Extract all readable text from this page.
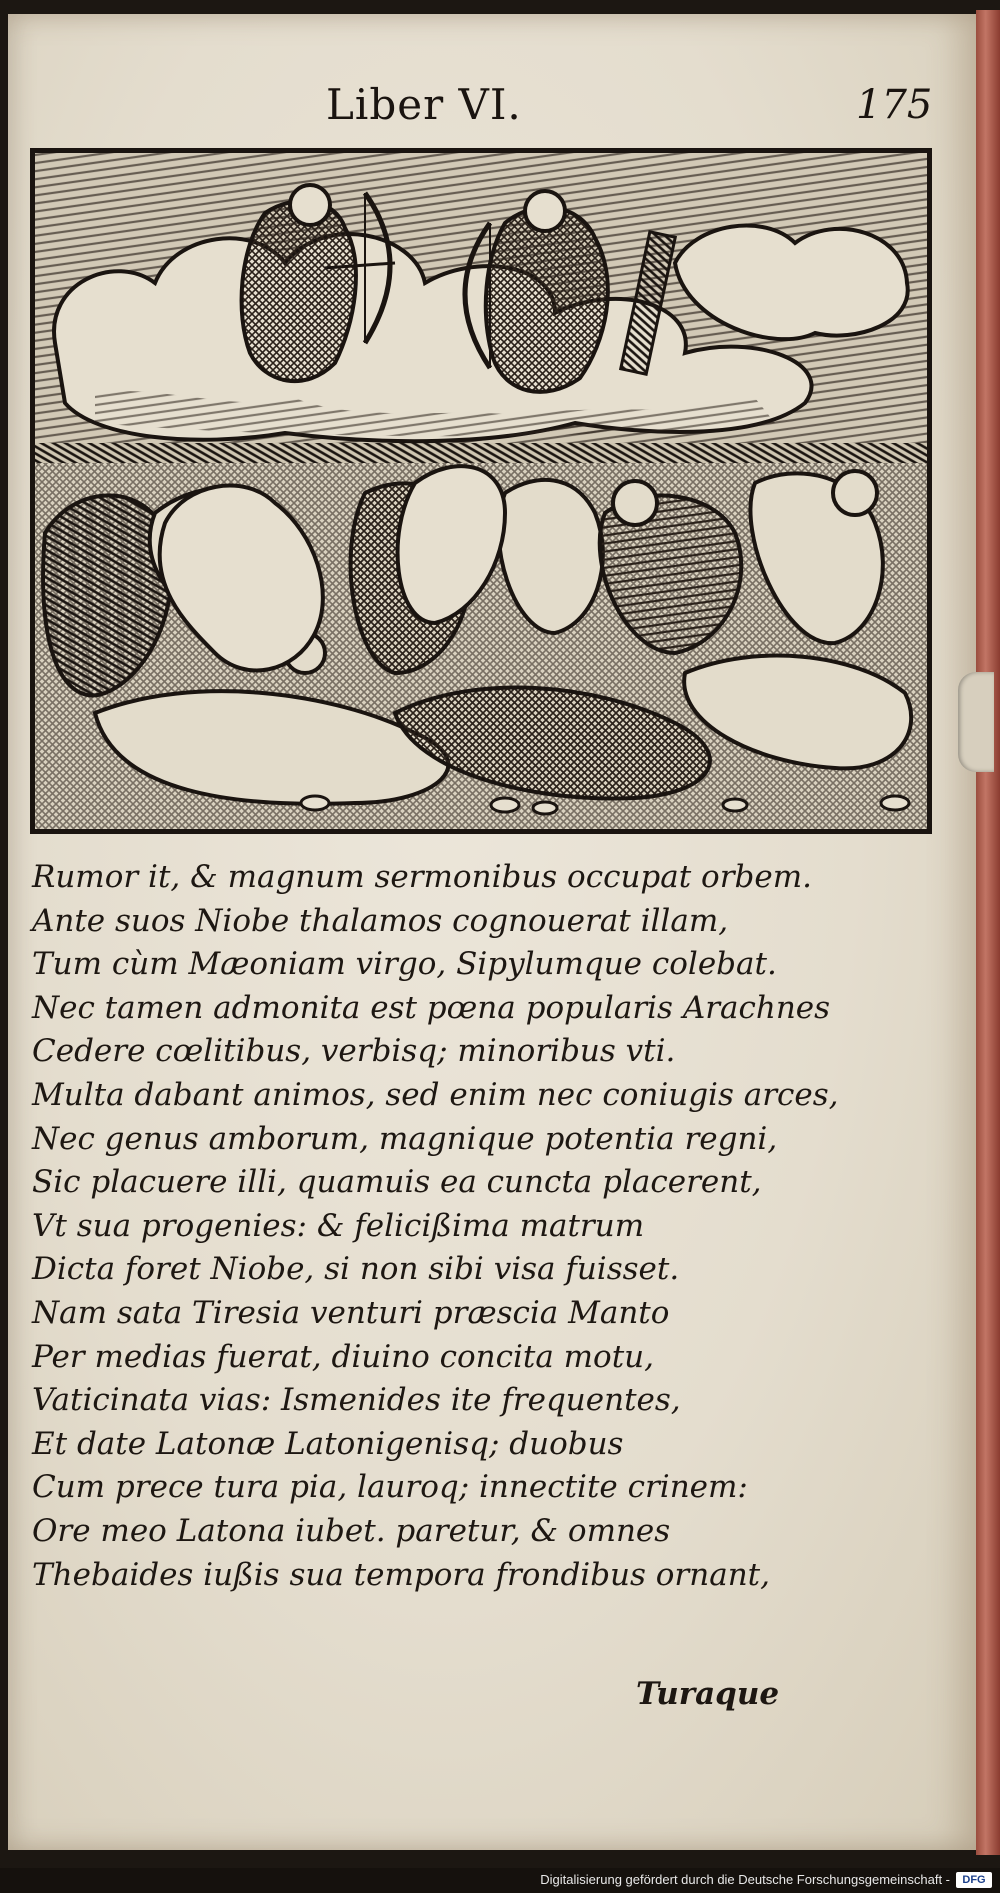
Liber VI.	175
Rumor it, & magnum sermonibus occupat orbem.
Ante suos Niobe thalamos cognouerat illam,
Tum cùm Mæoniam virgo, Sipylumque colebat.
Nec tamen admonita est pœna popularis Arachnes
Cedere cœlitibus, verbisq; minoribus vti.
Multa dabant animos, sed enim nec coniugis arces,
Nec genus amborum, magnique potentia regni,
Sic placuere illi, quamuis ea cuncta placerent,
Vt sua progenies: & felicißima matrum
Dicta foret Niobe, si non sibi visa fuisset.
Nam sata Tiresia venturi præscia Manto
Per medias fuerat, diuino concita motu,
Vaticinata vias: Ismenides ite frequentes,
Et date Latonæ Latonigenisq; duobus
Cum prece tura pia, lauroq; innectite crinem:
Ore meo Latona iubet. paretur, & omnes
Thebaides iußis sua tempora frondibus ornant,
Turaque
Digitalisierung gefördert durch die Deutsche Forschungsgemeinschaft -	DFG
